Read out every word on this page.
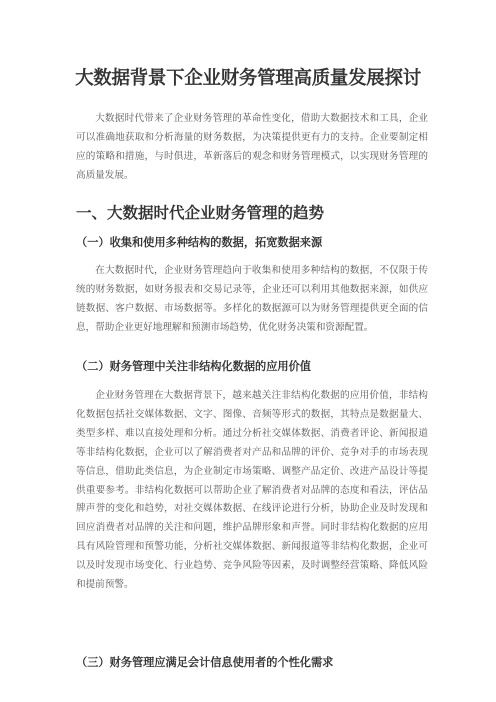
大数据背景下企业财务管理高质量发展探讨

大数据时代带来了企业财务管理的革命性变化，借助大数据技术和工具，企业可以准确地获取和分析海量的财务数据，为决策提供更有力的支持。企业要制定相应的策略和措施，与时俱进，革新落后的观念和财务管理模式，以实现财务管理的高质量发展。

一、大数据时代企业财务管理的趋势
（一）收集和使用多种结构的数据，拓宽数据来源

在大数据时代，企业财务管理趋向于收集和使用多种结构的数据，不仅限于传统的财务数据，如财务报表和交易记录等，企业还可以利用其他数据来源，如供应链数据、客户数据、市场数据等。多样化的数据源可以为财务管理提供更全面的信息，帮助企业更好地理解和预测市场趋势，优化财务决策和资源配置。

（二）财务管理中关注非结构化数据的应用价值

企业财务管理在大数据背景下，越来越关注非结构化数据的应用价值，非结构化数据包括社交媒体数据、文字、图像、音频等形式的数据，其特点是数据量大、类型多样、难以直接处理和分析。通过分析社交媒体数据、消费者评论、新闻报道等非结构化数据，企业可以了解消费者对产品和品牌的评价、竞争对手的市场表现等信息，借助此类信息，为企业制定市场策略、调整产品定价、改进产品设计等提供重要参考。非结构化数据可以帮助企业了解消费者对品牌的态度和看法，评估品牌声誉的变化和趋势，对社交媒体数据、在线评论进行分析，协助企业及时发现和回应消费者对品牌的关注和问题，维护品牌形象和声誉。同时非结构化数据的应用具有风险管理和预警功能，分析社交媒体数据、新闻报道等非结构化数据，企业可以及时发现市场变化、行业趋势、竞争风险等因素，及时调整经营策略、降低风险和提前预警。

（三）财务管理应满足会计信息使用者的个性化需求
